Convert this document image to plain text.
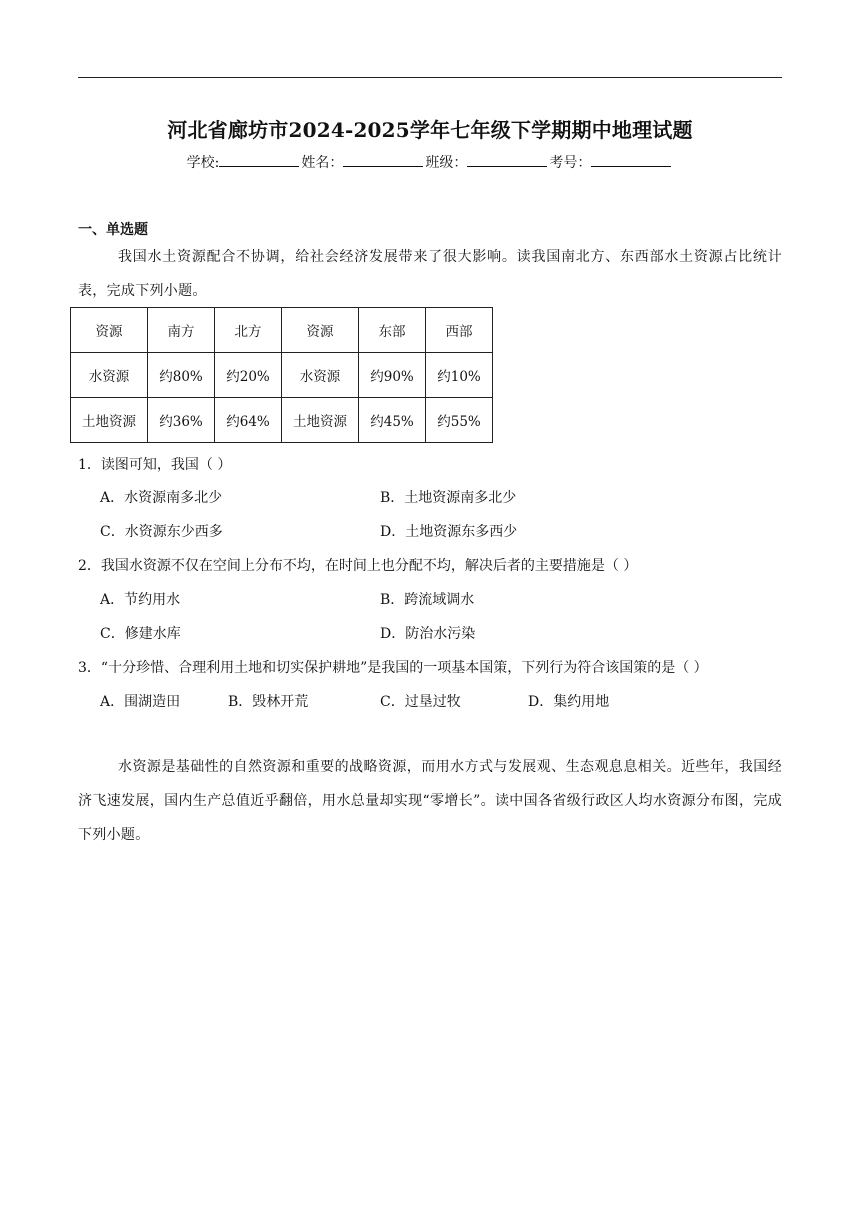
河北省廊坊市2024-2025学年七年级下学期期中地理试题
学校:	姓名：	班级：	考号：
一、单选题
我国水土资源配合不协调，给社会经济发展带来了很大影响。读我国南北方、东西部水土资源占比统计表，完成下列小题。
资源	南方	北方	资源	东部	西部
水资源	约80%	约20%	水资源	约90%	约10%
土地资源	约36%	约64%	土地资源	约45%	约55%
1．读图可知，我国（ ）
A．水资源南多北少	B．土地资源南多北少
C．水资源东少西多	D．土地资源东多西少
2．我国水资源不仅在空间上分布不均，在时间上也分配不均，解决后者的主要措施是（ ）
A．节约用水	B．跨流域调水
C．修建水库	D．防治水污染
3．“十分珍惜、合理利用土地和切实保护耕地”是我国的一项基本国策，下列行为符合该国策的是（ ）
A．围湖造田	B．毁林开荒	C．过垦过牧	D．集约用地
水资源是基础性的自然资源和重要的战略资源，而用水方式与发展观、生态观息息相关。近些年，我国经济飞速发展，国内生产总值近乎翻倍，用水总量却实现“零增长”。读中国各省级行政区人均水资源分布图，完成下列小题。
